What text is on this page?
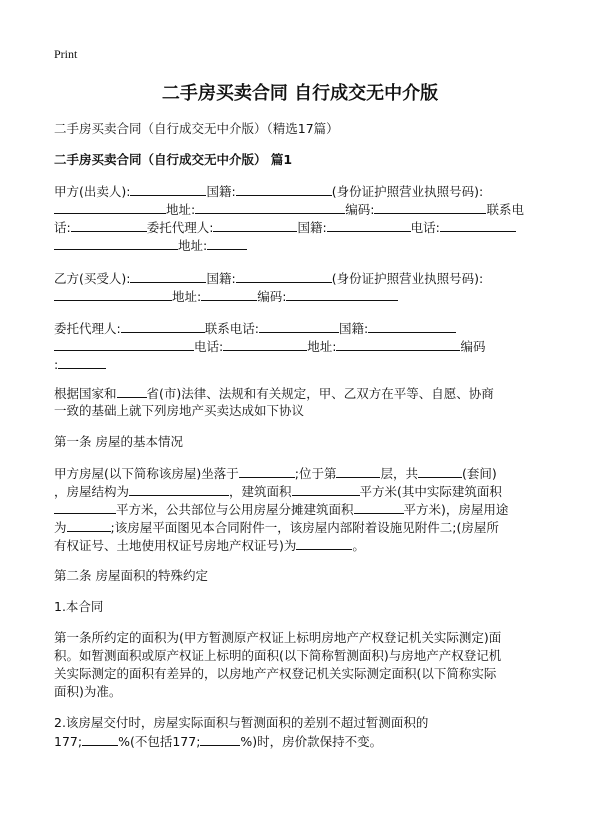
Print
二手房买卖合同 自行成交无中介版
二手房买卖合同（自行成交无中介版）（精选17篇）
二手房买卖合同（自行成交无中介版） 篇1
甲方(出卖人):	国籍:	(身份证护照营业执照号码):
地址:	编码:	联系电
话:	委托代理人:	国籍:	电话:
地址:
乙方(买受人):	国籍:	(身份证护照营业执照号码):
地址:	编码:
委托代理人:	联系电话:	国籍:
电话:	地址:	编码
:
根据国家和 省(市)法律、法规和有关规定，甲、乙双方在平等、自愿、协商
一致的基础上就下列房地产买卖达成如下协议
第一条 房屋的基本情况
甲方房屋(以下简称该房屋)坐落于	;位于第	层，共	(套间)
，房屋结构为	，建筑面积	平方米(其中实际建筑面积
平方米，公共部位与公用房屋分摊建筑面积	平方米)，房屋用途
为	;该房屋平面图见本合同附件一，该房屋内部附着设施见附件二;(房屋所
有权证号、土地使用权证号房地产权证号)为	。
第二条 房屋面积的特殊约定
1.本合同
第一条所约定的面积为(甲方暂测原产权证上标明房地产产权登记机关实际测定)面
积。如暂测面积或原产权证上标明的面积(以下简称暂测面积)与房地产产权登记机
关实际测定的面积有差异的，以房地产产权登记机关实际测定面积(以下简称实际
面积)为准。
2.该房屋交付时，房屋实际面积与暂测面积的差别不超过暂测面积的
177;	%(不包括177;	%)时，房价款保持不变。
